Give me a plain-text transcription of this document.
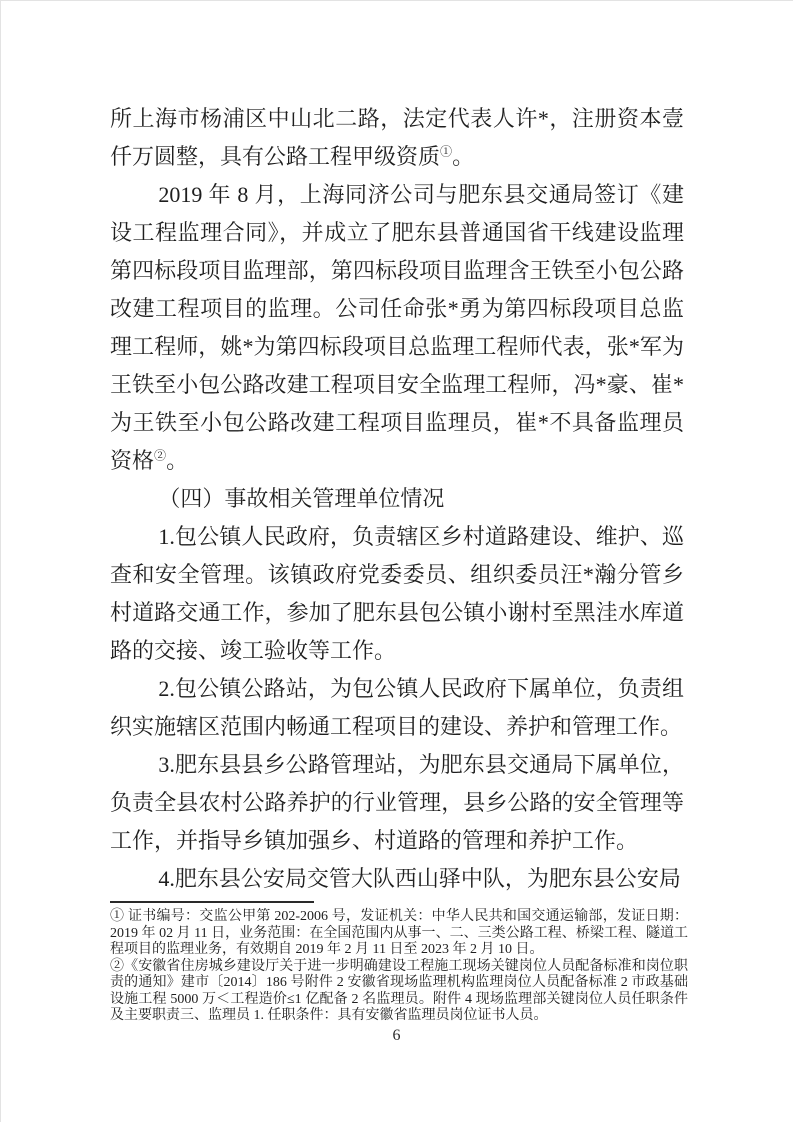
所上海市杨浦区中山北二路，法定代表人许*，注册资本壹仟万圆整，具有公路工程甲级资质①。

2019 年 8 月，上海同济公司与肥东县交通局签订《建设工程监理合同》，并成立了肥东县普通国省干线建设监理第四标段项目监理部，第四标段项目监理含王铁至小包公路改建工程项目的监理。公司任命张*勇为第四标段项目总监理工程师，姚*为第四标段项目总监理工程师代表，张*军为王铁至小包公路改建工程项目安全监理工程师，冯*豪、崔*为王铁至小包公路改建工程项目监理员，崔*不具备监理员资格②。

（四）事故相关管理单位情况

1.包公镇人民政府，负责辖区乡村道路建设、维护、巡查和安全管理。该镇政府党委委员、组织委员汪*瀚分管乡村道路交通工作，参加了肥东县包公镇小谢村至黑洼水库道路的交接、竣工验收等工作。

2.包公镇公路站，为包公镇人民政府下属单位，负责组织实施辖区范围内畅通工程项目的建设、养护和管理工作。

3.肥东县县乡公路管理站，为肥东县交通局下属单位，负责全县农村公路养护的行业管理，县乡公路的安全管理等工作，并指导乡镇加强乡、村道路的管理和养护工作。

4.肥东县公安局交管大队西山驿中队，为肥东县公安局

① 证书编号：交监公甲第 202-2006 号，发证机关：中华人民共和国交通运输部，发证日期：2019 年 02 月 11 日，业务范围：在全国范围内从事一、二、三类公路工程、桥梁工程、隧道工程项目的监理业务，有效期自 2019 年 2 月 11 日至 2023 年 2 月 10 日。

②《安徽省住房城乡建设厅关于进一步明确建设工程施工现场关键岗位人员配备标准和岗位职责的通知》建市〔2014〕186 号附件 2 安徽省现场监理机构监理岗位人员配备标准 2 市政基础设施工程 5000 万＜工程造价≤1 亿配备 2 名监理员。附件 4 现场监理部关键岗位人员任职条件及主要职责三、监理员 1. 任职条件：具有安徽省监理员岗位证书人员。

6
